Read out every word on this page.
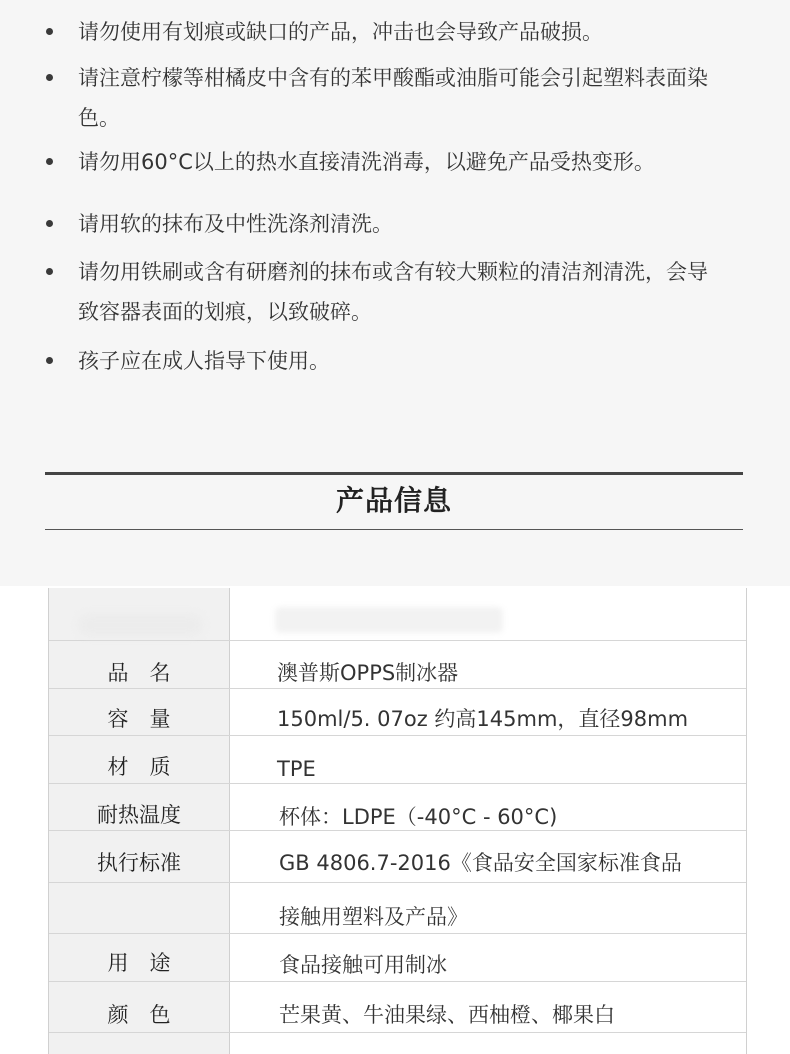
请勿使用有划痕或缺口的产品，冲击也会导致产品破损。
请注意柠檬等柑橘皮中含有的苯甲酸酯或油脂可能会引起塑料表面染色。
请勿用60°C以上的热水直接清洗消毒，以避免产品受热变形。
请用软的抹布及中性洗涤剂清洗。
请勿用铁刷或含有研磨剂的抹布或含有较大颗粒的清洁剂清洗，会导致容器表面的划痕，以致破碎。
孩子应在成人指导下使用。
产品信息
品　名	澳普斯OPPS制冰器
容　量	150ml/5. 07oz 约高145mm，直径98mm
材　质	TPE
耐热温度	杯体：LDPE（-40°C - 60°C)
执行标准	GB 4806.7-2016《食品安全国家标准食品
接触用塑料及产品》
用　途	食品接触可用制冰
颜　色	芒果黄、牛油果绿、西柚橙、椰果白
